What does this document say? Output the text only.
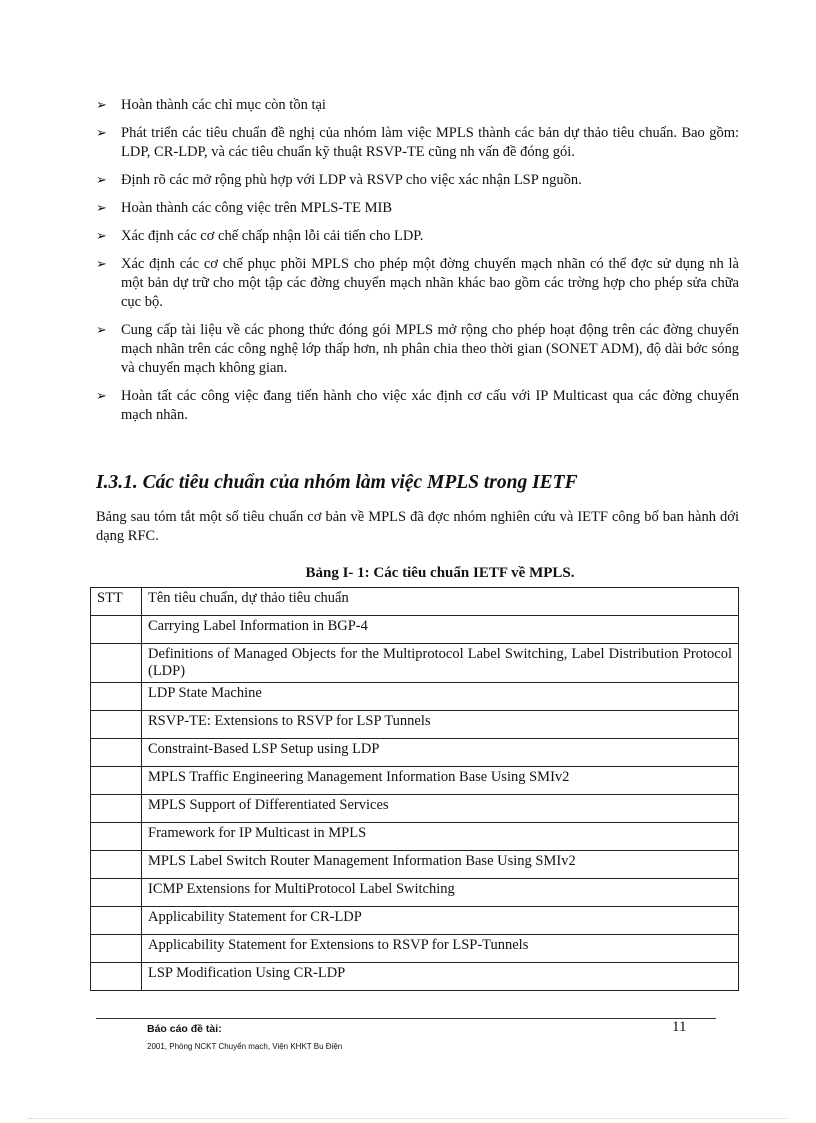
➢ Hoàn thành các chỉ mục còn tồn tại
➢ Phát triển các tiêu chuẩn đề nghị của nhóm làm việc MPLS thành các bản dự thảo tiêu chuẩn. Bao gồm: LDP, CR-LDP, và các tiêu chuẩn kỹ thuật RSVP-TE cũng nh vấn đề đóng gói.
➢ Định rõ các mở rộng phù hợp với LDP và RSVP cho việc xác nhận LSP nguồn.
➢ Hoàn thành các công việc trên MPLS-TE MIB
➢ Xác định các cơ chế chấp nhận lỗi cải tiến cho LDP.
➢ Xác định các cơ chế phục phồi MPLS cho phép một đờng chuyển mạch nhãn có thể đợc sử dụng nh là một bản dự trữ cho một tập các đờng chuyển mạch nhãn khác bao gồm các trờng hợp cho phép sửa chữa cục bộ.
➢ Cung cấp tài liệu về các phong thức đóng gói MPLS mở rộng cho phép hoạt động trên các đờng chuyển mạch nhãn trên các công nghệ lớp thấp hơn, nh phân chia theo thời gian (SONET ADM), độ dài bớc sóng và chuyển mạch không gian.
➢ Hoàn tất các công việc đang tiến hành cho việc xác định cơ cấu với IP Multicast qua các đờng chuyển mạch nhãn.
I.3.1. Các tiêu chuẩn của nhóm làm việc MPLS trong IETF
Bảng sau tóm tắt một số tiêu chuẩn cơ bản về MPLS đã đợc nhóm nghiên cứu và IETF công bố ban hành dới dạng RFC.
Bảng I- 1: Các tiêu chuẩn IETF về MPLS.
STT	Tên tiêu chuẩn, dự thảo tiêu chuẩn
	Carrying Label Information in BGP-4
	Definitions of Managed Objects for the Multiprotocol Label Switching, Label Distribution Protocol (LDP)
	LDP State Machine
	RSVP-TE: Extensions to RSVP for LSP Tunnels
	Constraint-Based LSP Setup using LDP
	MPLS Traffic Engineering Management Information Base Using SMIv2
	MPLS Support of Differentiated Services
	Framework for IP Multicast in MPLS
	MPLS Label Switch Router Management Information Base Using SMIv2
	ICMP Extensions for MultiProtocol Label Switching
	Applicability Statement for CR-LDP
	Applicability Statement for Extensions to RSVP for LSP-Tunnels
	LSP Modification Using CR-LDP
Báo cáo đề tài:	11
2001, Phòng NCKT Chuyển mạch, Viện KHKT Bu Điện
